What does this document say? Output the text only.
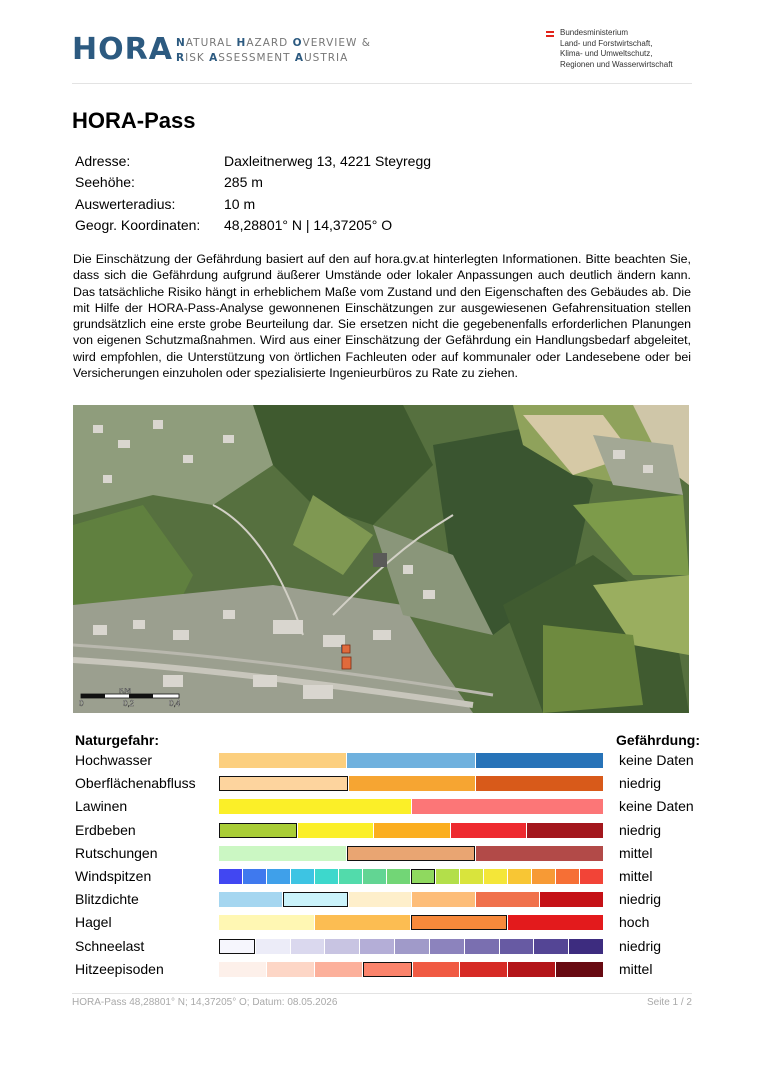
HORA NATURAL HAZARD OVERVIEW &
RISK ASSESSMENT AUSTRIA
Bundesministerium
Land- und Forstwirtschaft,
Klima- und Umweltschutz,
Regionen und Wasserwirtschaft
HORA-Pass
Adresse:	Daxleitnerweg 13, 4221 Steyregg
Seehöhe:	285 m
Auswerteradius:	10 m
Geogr. Koordinaten:	48,28801° N | 14,37205° O

Die Einschätzung der Gefährdung basiert auf den auf hora.gv.at hinterlegten Informationen. Bitte beachten Sie, dass sich die Gefährdung aufgrund äußerer Umstände oder lokaler Anpassungen auch deutlich ändern kann. Das tatsächliche Risiko hängt in erheblichem Maße vom Zustand und den Eigenschaften des Gebäudes ab. Die mit Hilfe der HORA-Pass-Analyse gewonnenen Einschätzungen zur ausgewiesenen Gefahrensituation stellen grundsätzlich eine erste grobe Beurteilung dar. Sie ersetzen nicht die gegebenenfalls erforderlichen Planungen von eigenen Schutzmaßnahmen. Wird aus einer Einschätzung der Gefährdung ein Handlungsbedarf abgeleitet, wird empfohlen, die Unterstützung von örtlichen Fachleuten oder auf kommunaler oder Landesebene oder bei Versicherungen einzuholen oder spezialisierte Ingenieurbüros zu Rate zu ziehen.

KM
0	0,2	0,4
Naturgefahr:	Gefährdung:
Hochwasser	keine Daten
Oberflächenabfluss	niedrig
Lawinen	keine Daten
Erdbeben	niedrig
Rutschungen	mittel
Windspitzen	mittel
Blitzdichte	niedrig
Hagel	hoch
Schneelast	niedrig
Hitzeepisoden	mittel
HORA-Pass 48,28801° N; 14,37205° O; Datum: 08.05.2026	Seite 1 / 2
